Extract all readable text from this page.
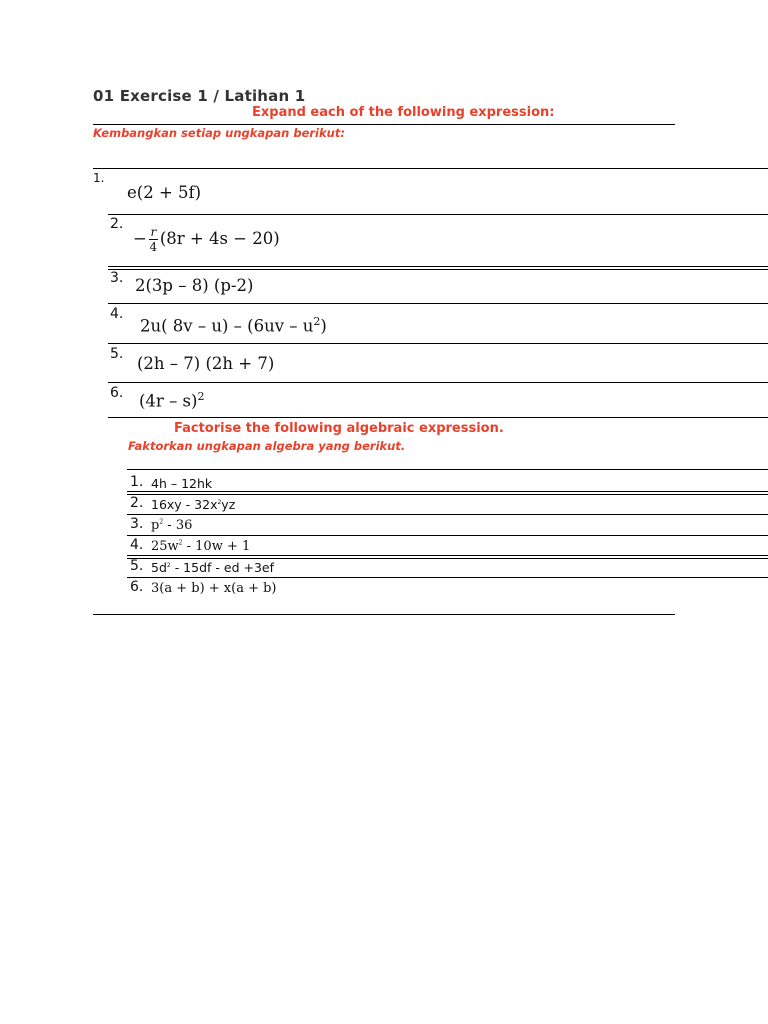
01 Exercise 1 / Latihan 1
Expand each of the following expression:
Kembangkan setiap ungkapan berikut:
1.
e(2 + 5f)
2.
− $\frac{r}{4} (8r + 4s - 20)$
3. 2(3p – 8) (p-2)
4.
2u( $8v - u) - (6uv - u^2)$
5. (2h – 7) (2h + 7)
6. (4r – s)$^2$
Factorise the following algebraic expression.
Faktorkan ungkapan algebra yang berikut.
1. 4h – 12hk
2. $16xy - 32x^2yz$
3. $p^2 - 36$
4. $25w^2 - 10w + 1$
5. $5d^2 - 15df$ - ed +3ef
6. 3(a + b) + x(a + b)
